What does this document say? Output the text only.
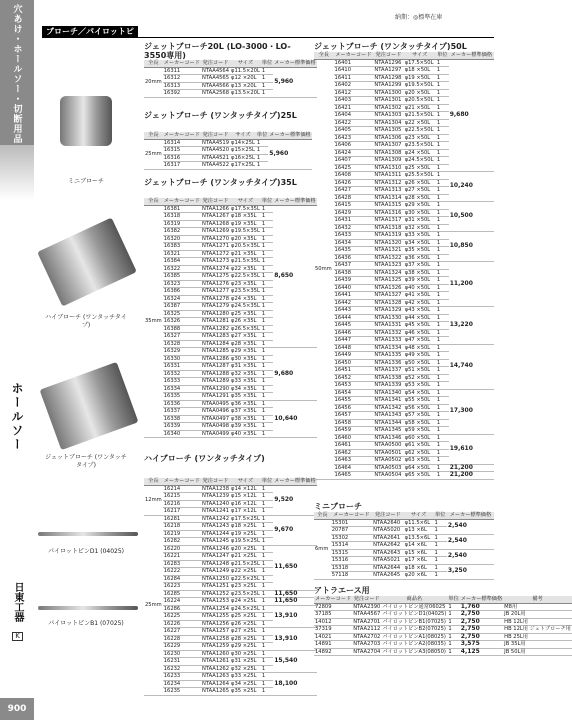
穴あけ・ホールソー・切断用品
ホールソー
日東工器
K
900
納期：◎標準在庫
ブローチ／パイロットピン
ミニブローチ
ハイブローチ (ワンタッチタイプ)
ジェットブローチ (ワンタッチタイプ)
パイロットピンD1 (04025)
パイロットピンB1 (07025)
ジェットブローチ20L (LO-3000・LO-3550専用)
全長	メーカーコード	発注コード	サイズ	単位	メーカー標準価格
20mm	16311	NTAA4564	φ11.5×20L	1	5,960
	16312	NTAA4565	φ12 ×20L	1	
	16313	NTAA4566	φ13 ×20L	1	
	16392	NTAA2568	φ13.5×20L	1	
ジェットブローチ (ワンタッチタイプ)25L
全長	メーカーコード	発注コード	サイズ	単位	メーカー標準価格
25mm	16314	NTAA4519	φ14×25L	1	5,960
	16315	NTAA4520	φ15×25L	1	
	16316	NTAA4521	φ16×25L	1	
	16317	NTAA4522	φ17×25L	1	
ジェットブローチ (ワンタッチタイプ)35L
全長	メーカーコード	発注コード	サイズ	単位	メーカー標準価格
35mm	16381	NTAA1266	φ17.5×35L	1	8,650
	16318	NTAA1267	φ18 ×35L	1	
	16319	NTAA1268	φ19 ×35L	1	
	16382	NTAA1269	φ19.5×35L	1	
	16320	NTAA1270	φ20 ×35L	1	
	16383	NTAA1271	φ20.5×35L	1	
	16321	NTAA1272	φ21 ×35L	1	
	16384	NTAA1273	φ21.5×35L	1	
	16322	NTAA1274	φ22 ×35L	1	
	16385	NTAA1275	φ22.5×35L	1	
	16323	NTAA1276	φ23 ×35L	1	
	16386	NTAA1277	φ23.5×35L	1	
	16324	NTAA1278	φ24 ×35L	1	
	16387	NTAA1279	φ24.5×35L	1	
	16325	NTAA1280	φ25 ×35L	1	
	16326	NTAA1281	φ26 ×35L	1	
	16388	NTAA1282	φ26.5×35L	1	
	16327	NTAA1283	φ27 ×35L	1	
	16328	NTAA1284	φ28 ×35L	1	
	16329	NTAA1285	φ29 ×35L	1	9,680
	16330	NTAA1286	φ30 ×35L	1	
	16331	NTAA1287	φ31 ×35L	1	
	16332	NTAA1288	φ32 ×35L	1	
	16333	NTAA1289	φ33 ×35L	1	
	16334	NTAA1290	φ34 ×35L	1	
	16335	NTAA1291	φ35 ×35L	1	
	16336	NTAA0495	φ36 ×35L	1	10,640
	16337	NTAA0496	φ37 ×35L	1	
	16338	NTAA0497	φ38 ×35L	1	
	16339	NTAA0498	φ39 ×35L	1	
	16340	NTAA0499	φ40 ×35L	1	
ハイブローチ (ワンタッチタイプ)
全長	メーカーコード	発注コード	サイズ	単位	メーカー標準価格
12mm	16214	NTAA1238	φ14 ×12L	1	9,520
	16215	NTAA1239	φ15 ×12L	1	
	16216	NTAA1240	φ16 ×12L	1	
	16217	NTAA1241	φ17 ×12L	1	
25mm	16281	NTAA1242	φ17.5×25L	1	9,670
	16218	NTAA1243	φ18 ×25L	1	
	16219	NTAA1244	φ19 ×25L	1	
	16282	NTAA1245	φ19.5×25L	1	
	16220	NTAA1246	φ20 ×25L	1	11,650
	16221	NTAA1247	φ21 ×25L	1	
	16283	NTAA1248	φ21.5×25L	1	
	16222	NTAA1249	φ22 ×25L	1	
	16284	NTAA1250	φ22.5×25L	1	
	16223	NTAA1251	φ23 ×25L	1	
	16285	NTAA1252	φ23.5×25L	1	11,650
	16224	NTAA1253	φ24 ×25L	1	11,650
	16286	NTAA1254	φ24.5×25L	1	13,910
	16225	NTAA1255	φ25 ×25L	1	
	16226	NTAA1256	φ26 ×25L	1	
	16227	NTAA1257	φ27 ×25L	1	13,910
	16228	NTAA1258	φ28 ×25L	1	
	16229	NTAA1259	φ29 ×25L	1	
	16230	NTAA1260	φ30 ×25L	1	15,540
	16231	NTAA1261	φ31 ×25L	1	
	16232	NTAA1262	φ32 ×25L	1	
	16233	NTAA1263	φ33 ×25L	1	18,100
	16234	NTAA1264	φ34 ×25L	1	
	16235	NTAA1265	φ35 ×25L	1	
ジェットブローチ (ワンタッチタイプ)50L
全長	メーカーコード	発注コード	サイズ	単位	メーカー標準価格
50mm	16401	NTAA1296	φ17.5×50L	1	9,680
	16410	NTAA1297	φ18 ×50L	1	
	16411	NTAA1298	φ19 ×50L	1	
	16402	NTAA1299	φ19.5×50L	1	
	16412	NTAA1300	φ20 ×50L	1	
	16403	NTAA1301	φ20.5×50L	1	
	16421	NTAA1302	φ21 ×50L	1	
	16404	NTAA1303	φ21.5×50L	1	
	16422	NTAA1304	φ22 ×50L	1	
	16405	NTAA1305	φ22.5×50L	1	
	16423	NTAA1306	φ23 ×50L	1	
	16406	NTAA1307	φ23.5×50L	1	
	16424	NTAA1308	φ24 ×50L	1	
	16407	NTAA1309	φ24.5×50L	1	
	16425	NTAA1310	φ25 ×50L	1	
	16408	NTAA1311	φ25.5×50L	1	10,240
	16426	NTAA1312	φ26 ×50L	1	
	16427	NTAA1313	φ27 ×50L	1	
	16428	NTAA1314	φ28 ×50L	1	
	16415	NTAA1315	φ29 ×50L	1	10,500
	16429	NTAA1316	φ30 ×50L	1	
	16431	NTAA1317	φ31 ×50L	1	
	16432	NTAA1318	φ32 ×50L	1	
	16433	NTAA1319	φ33 ×50L	1	10,850
	16434	NTAA1320	φ34 ×50L	1	
	16435	NTAA1321	φ35 ×50L	1	
	16436	NTAA1322	φ36 ×50L	1	
	16437	NTAA1323	φ37 ×50L	1	11,200
	16438	NTAA1324	φ38 ×50L	1	
	16439	NTAA1325	φ39 ×50L	1	
	16440	NTAA1326	φ40 ×50L	1	
	16441	NTAA1327	φ41 ×50L	1	
	16442	NTAA1328	φ42 ×50L	1	
	16443	NTAA1329	φ43 ×50L	1	13,220
	16444	NTAA1330	φ44 ×50L	1	
	16445	NTAA1331	φ45 ×50L	1	
	16446	NTAA1332	φ46 ×50L	1	
	16447	NTAA1333	φ47 ×50L	1	
	16448	NTAA1334	φ48 ×50L	1	14,740
	16449	NTAA1335	φ49 ×50L	1	
	16450	NTAA1336	φ50 ×50L	1	
	16451	NTAA1337	φ51 ×50L	1	
	16452	NTAA1338	φ52 ×50L	1	
	16453	NTAA1339	φ53 ×50L	1	
	16454	NTAA1340	φ54 ×50L	1	17,300
	16455	NTAA1341	φ55 ×50L	1	
	16456	NTAA1342	φ56 ×50L	1	
	16457	NTAA1343	φ57 ×50L	1	
	16458	NTAA1344	φ58 ×50L	1	
	16459	NTAA1345	φ59 ×50L	1	
	16460	NTAA1346	φ60 ×50L	1	19,610
	16461	NTAA0500	φ61 ×50L	1	
	16462	NTAA0501	φ62 ×50L	1	
	16463	NTAA0502	φ63 ×50L	1	
	16464	NTAA0503	φ64 ×50L	1	21,200
	16465	NTAA0504	φ65 ×50L	1	21,200
ミニブローチ
全長	メーカーコード	発注コード	サイズ	単位	メーカー標準価格
6mm	15301	NTAA2640	φ11.5×6L	1	2,540
	20787	NTAA5020	φ13 ×6L	1	
	15302	NTAA2641	φ13.5×6L	1	2,540
	15314	NTAA2642	φ14 ×6L	1	
	15315	NTAA2643	φ15 ×6L	1	2,540
	15316	NTAA5021	φ17 ×6L	1	
	15318	NTAA2644	φ18 ×6L	1	3,250
	57118	NTAA2645	φ20 ×6L	1	
アトラエース用
メーカーコード	発注コード	商品名	単位	メーカー標準価格	備考
72809	NTAA2390	パイロットピン通常06025	1	1,760	M8用
37185	NTAA4567	パイロットピンD1(04025)	1	2,750	JB 20L用
14012	NTAA2701	パイロットピンB1(07025)	1	2,750	HB 12L用
37319	NTAA2112	パイロットピンB2(07025)	1	2,750	HB 12L用 ジェトブローチ用
14021	NTAA2702	パイロットピンA1(08025)	1	2,750	HB 25L用
14891	NTAA2703	パイロットピンA2(08035)	1	3,575	JB 35L用
14892	NTAA2704	パイロットピンA3(08050)	1	4,125	JB 50L用
